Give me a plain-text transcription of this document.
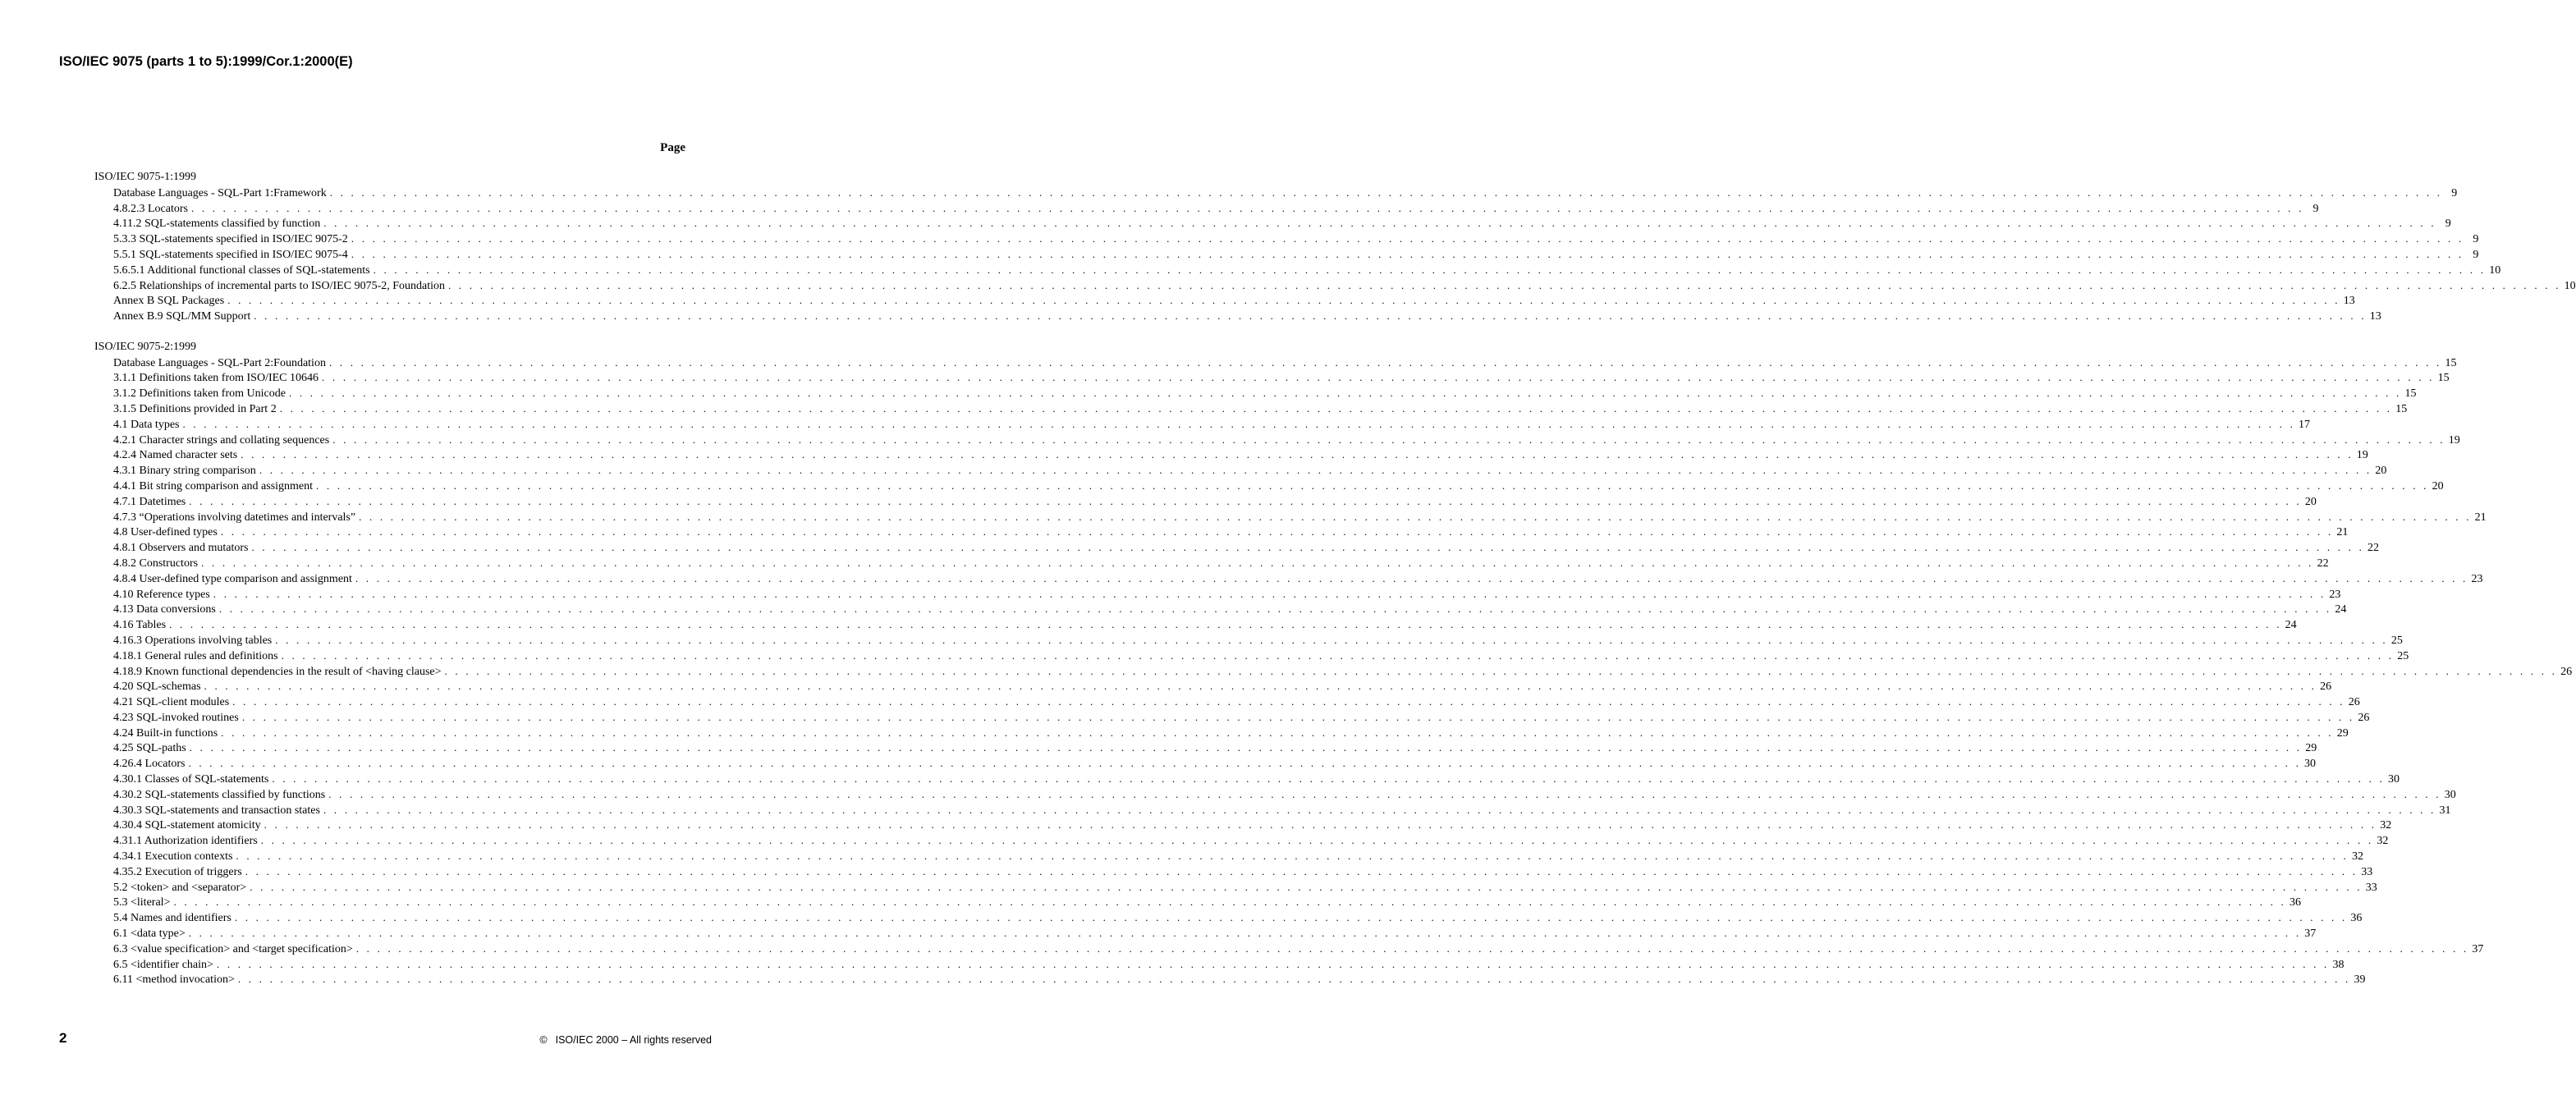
ISO/IEC 9075 (parts 1 to 5):1999/Cor.1:2000(E)
Page
ISO/IEC 9075-1:1999
Database Languages - SQL-Part 1:Framework . . . . . . . . . . . . . . . . . . . . . . . . . . . . . . . . . . . . . . . . . . . . . . . . . . . . . . . . . . . . . . . . . . . . . . . . . . . . . . . . . . . . . . . . . . . . . . . . . . . . . . . . . . . . . . . . . . . . . . . . . . . . . . . . . . . . . . . . . . . . . . . . . . . . . . . . . . . . . . . . . . . . . . . . . . . . . . . . . . . . . . . . . . . . . . . . . . . . . . . . 9
4.8.2.3 Locators . . . . . . . . . . . . . . . . . . . . . . . . . . . . . . . . . . . . . . . . . . . . . . . . . . . . . . . . . . . . . . . . . . . . . . . . . . . . . . . . . . . . . . . . . . . . . . . . . . . . . . . . . . . . . . . . . . . . . . . . . . . . . . . . . . . . . . . . . . . . . . . . . . . . . . . . . . . . . . . . . . . . . . . . . . . . . . . . . . . . . . . . . . . . . . . . . . . . . . . . 9
4.11.2 SQL-statements classified by function . . . . . . . . . . . . . . . . . . . . . . . . . . . . . . . . . . . . . . . . . . . . . . . . . . . . . . . . . . . . . . . . . . . . . . . . . . . . . . . . . . . . . . . . . . . . . . . . . . . . . . . . . . . . . . . . . . . . . . . . . . . . . . . . . . . . . . . . . . . . . . . . . . . . . . . . . . . . . . . . . . . . . . . . . . . . . . . . . . . . . . . . . . . . . . . . . . . . . . . . 9
5.3.3 SQL-statements specified in ISO/IEC 9075-2 . . . . . . . . . . . . . . . . . . . . . . . . . . . . . . . . . . . . . . . . . . . . . . . . . . . . . . . . . . . . . . . . . . . . . . . . . . . . . . . . . . . . . . . . . . . . . . . . . . . . . . . . . . . . . . . . . . . . . . . . . . . . . . . . . . . . . . . . . . . . . . . . . . . . . . . . . . . . . . . . . . . . . . . . . . . . . . . . . . . . . . . . . . . . . . . . . . . . . . . . 9
5.5.1 SQL-statements specified in ISO/IEC 9075-4 . . . . . . . . . . . . . . . . . . . . . . . . . . . . . . . . . . . . . . . . . . . . . . . . . . . . . . . . . . . . . . . . . . . . . . . . . . . . . . . . . . . . . . . . . . . . . . . . . . . . . . . . . . . . . . . . . . . . . . . . . . . . . . . . . . . . . . . . . . . . . . . . . . . . . . . . . . . . . . . . . . . . . . . . . . . . . . . . . . . . . . . . . . . . . . . . . . . . . . . . 9
5.6.5.1 Additional functional classes of SQL-statements . . . . . . . . . . . . . . . . . . . . . . . . . . . . . . . . . . . . . . . . . . . . . . . . . . . . . . . . . . . . . . . . . . . . . . . . . . . . . . . . . . . . . . . . . . . . . . . . . . . . . . . . . . . . . . . . . . . . . . . . . . . . . . . . . . . . . . . . . . . . . . . . . . . . . . . . . . . . . . . . . . . . . . . . . . . . . . . . . . . . . . . . . . . . . . . . . . . . . . . . 10
6.2.5 Relationships of incremental parts to ISO/IEC 9075-2, Foundation . . . . . . . . . . . . . . . . . . . . . . . . . . . . . . . . . . . . . . . . . . . . . . . . . . . . . . . . . . . . . . . . . . . . . . . . . . . . . . . . . . . . . . . . . . . . . . . . . . . . . . . . . . . . . . . . . . . . . . . . . . . . . . . . . . . . . . . . . . . . . . . . . . . . . . . . . . . . . . . . . . . . . . . . . . . . . . . . . . . . . . . . . . . . . . . . . . . . . . . . 10
Annex B SQL Packages . . . . . . . . . . . . . . . . . . . . . . . . . . . . . . . . . . . . . . . . . . . . . . . . . . . . . . . . . . . . . . . . . . . . . . . . . . . . . . . . . . . . . . . . . . . . . . . . . . . . . . . . . . . . . . . . . . . . . . . . . . . . . . . . . . . . . . . . . . . . . . . . . . . . . . . . . . . . . . . . . . . . . . . . . . . . . . . . . . . . . . . . . . . . . . . . . . . . . . . . 13
Annex B.9 SQL/MM Support . . . . . . . . . . . . . . . . . . . . . . . . . . . . . . . . . . . . . . . . . . . . . . . . . . . . . . . . . . . . . . . . . . . . . . . . . . . . . . . . . . . . . . . . . . . . . . . . . . . . . . . . . . . . . . . . . . . . . . . . . . . . . . . . . . . . . . . . . . . . . . . . . . . . . . . . . . . . . . . . . . . . . . . . . . . . . . . . . . . . . . . . . . . . . . . . . . . . . . . . 13
ISO/IEC 9075-2:1999
Database Languages - SQL-Part 2:Foundation . . . . . . . . . . . . . . . . . . . . . . . . . . . . . . . . . . . . . . . . . . . . . . . . . . . . . . . . . . . . . . . . . . . . . . . . . . . . . . . . . . . . . . . . . . . . . . . . . . . . . . . . . . . . . . . . . . . . . . . . . . . . . . . . . . . . . . . . . . . . . . . . . . . . . . . . . . . . . . . . . . . . . . . . . . . . . . . . . . . . . . . . . . . . . . . . . . . . . . . . 15
3.1.1 Definitions taken from ISO/IEC 10646 . . . . . . . . . . . . . . . . . . . . . . . . . . . . . . . . . . . . . . . . . . . . . . . . . . . . . . . . . . . . . . . . . . . . . . . . . . . . . . . . . . . . . . . . . . . . . . . . . . . . . . . . . . . . . . . . . . . . . . . . . . . . . . . . . . . . . . . . . . . . . . . . . . . . . . . . . . . . . . . . . . . . . . . . . . . . . . . . . . . . . . . . . . . . . . . . . . . . . . . . 15
3.1.2 Definitions taken from Unicode . . . . . . . . . . . . . . . . . . . . . . . . . . . . . . . . . . . . . . . . . . . . . . . . . . . . . . . . . . . . . . . . . . . . . . . . . . . . . . . . . . . . . . . . . . . . . . . . . . . . . . . . . . . . . . . . . . . . . . . . . . . . . . . . . . . . . . . . . . . . . . . . . . . . . . . . . . . . . . . . . . . . . . . . . . . . . . . . . . . . . . . . . . . . . . . . . . . . . . . . 15
3.1.5 Definitions provided in Part 2 . . . . . . . . . . . . . . . . . . . . . . . . . . . . . . . . . . . . . . . . . . . . . . . . . . . . . . . . . . . . . . . . . . . . . . . . . . . . . . . . . . . . . . . . . . . . . . . . . . . . . . . . . . . . . . . . . . . . . . . . . . . . . . . . . . . . . . . . . . . . . . . . . . . . . . . . . . . . . . . . . . . . . . . . . . . . . . . . . . . . . . . . . . . . . . . . . . . . . . . . 15
4.1 Data types . . . . . . . . . . . . . . . . . . . . . . . . . . . . . . . . . . . . . . . . . . . . . . . . . . . . . . . . . . . . . . . . . . . . . . . . . . . . . . . . . . . . . . . . . . . . . . . . . . . . . . . . . . . . . . . . . . . . . . . . . . . . . . . . . . . . . . . . . . . . . . . . . . . . . . . . . . . . . . . . . . . . . . . . . . . . . . . . . . . . . . . . . . . . . . . . . . . . . . . . 17
4.2.1 Character strings and collating sequences . . . . . . . . . . . . . . . . . . . . . . . . . . . . . . . . . . . . . . . . . . . . . . . . . . . . . . . . . . . . . . . . . . . . . . . . . . . . . . . . . . . . . . . . . . . . . . . . . . . . . . . . . . . . . . . . . . . . . . . . . . . . . . . . . . . . . . . . . . . . . . . . . . . . . . . . . . . . . . . . . . . . . . . . . . . . . . . . . . . . . . . . . . . . . . . . . . . . . . . . 19
4.2.4 Named character sets . . . . . . . . . . . . . . . . . . . . . . . . . . . . . . . . . . . . . . . . . . . . . . . . . . . . . . . . . . . . . . . . . . . . . . . . . . . . . . . . . . . . . . . . . . . . . . . . . . . . . . . . . . . . . . . . . . . . . . . . . . . . . . . . . . . . . . . . . . . . . . . . . . . . . . . . . . . . . . . . . . . . . . . . . . . . . . . . . . . . . . . . . . . . . . . . . . . . . . . . 19
4.3.1 Binary string comparison . . . . . . . . . . . . . . . . . . . . . . . . . . . . . . . . . . . . . . . . . . . . . . . . . . . . . . . . . . . . . . . . . . . . . . . . . . . . . . . . . . . . . . . . . . . . . . . . . . . . . . . . . . . . . . . . . . . . . . . . . . . . . . . . . . . . . . . . . . . . . . . . . . . . . . . . . . . . . . . . . . . . . . . . . . . . . . . . . . . . . . . . . . . . . . . . . . . . . . . . 20
4.4.1 Bit string comparison and assignment . . . . . . . . . . . . . . . . . . . . . . . . . . . . . . . . . . . . . . . . . . . . . . . . . . . . . . . . . . . . . . . . . . . . . . . . . . . . . . . . . . . . . . . . . . . . . . . . . . . . . . . . . . . . . . . . . . . . . . . . . . . . . . . . . . . . . . . . . . . . . . . . . . . . . . . . . . . . . . . . . . . . . . . . . . . . . . . . . . . . . . . . . . . . . . . . . . . . . . . . 20
4.7.1 Datetimes . . . . . . . . . . . . . . . . . . . . . . . . . . . . . . . . . . . . . . . . . . . . . . . . . . . . . . . . . . . . . . . . . . . . . . . . . . . . . . . . . . . . . . . . . . . . . . . . . . . . . . . . . . . . . . . . . . . . . . . . . . . . . . . . . . . . . . . . . . . . . . . . . . . . . . . . . . . . . . . . . . . . . . . . . . . . . . . . . . . . . . . . . . . . . . . . . . . . . . . . 20
4.7.3 “Operations involving datetimes and intervals” . . . . . . . . . . . . . . . . . . . . . . . . . . . . . . . . . . . . . . . . . . . . . . . . . . . . . . . . . . . . . . . . . . . . . . . . . . . . . . . . . . . . . . . . . . . . . . . . . . . . . . . . . . . . . . . . . . . . . . . . . . . . . . . . . . . . . . . . . . . . . . . . . . . . . . . . . . . . . . . . . . . . . . . . . . . . . . . . . . . . . . . . . . . . . . . . . . . . . . . . 21
4.8 User-defined types . . . . . . . . . . . . . . . . . . . . . . . . . . . . . . . . . . . . . . . . . . . . . . . . . . . . . . . . . . . . . . . . . . . . . . . . . . . . . . . . . . . . . . . . . . . . . . . . . . . . . . . . . . . . . . . . . . . . . . . . . . . . . . . . . . . . . . . . . . . . . . . . . . . . . . . . . . . . . . . . . . . . . . . . . . . . . . . . . . . . . . . . . . . . . . . . . . . . . . . . 21
4.8.1 Observers and mutators . . . . . . . . . . . . . . . . . . . . . . . . . . . . . . . . . . . . . . . . . . . . . . . . . . . . . . . . . . . . . . . . . . . . . . . . . . . . . . . . . . . . . . . . . . . . . . . . . . . . . . . . . . . . . . . . . . . . . . . . . . . . . . . . . . . . . . . . . . . . . . . . . . . . . . . . . . . . . . . . . . . . . . . . . . . . . . . . . . . . . . . . . . . . . . . . . . . . . . . . 22
4.8.2 Constructors . . . . . . . . . . . . . . . . . . . . . . . . . . . . . . . . . . . . . . . . . . . . . . . . . . . . . . . . . . . . . . . . . . . . . . . . . . . . . . . . . . . . . . . . . . . . . . . . . . . . . . . . . . . . . . . . . . . . . . . . . . . . . . . . . . . . . . . . . . . . . . . . . . . . . . . . . . . . . . . . . . . . . . . . . . . . . . . . . . . . . . . . . . . . . . . . . . . . . . . . 22
4.8.4 User-defined type comparison and assignment . . . . . . . . . . . . . . . . . . . . . . . . . . . . . . . . . . . . . . . . . . . . . . . . . . . . . . . . . . . . . . . . . . . . . . . . . . . . . . . . . . . . . . . . . . . . . . . . . . . . . . . . . . . . . . . . . . . . . . . . . . . . . . . . . . . . . . . . . . . . . . . . . . . . . . . . . . . . . . . . . . . . . . . . . . . . . . . . . . . . . . . . . . . . . . . . . . . . . . . . 23
4.10 Reference types . . . . . . . . . . . . . . . . . . . . . . . . . . . . . . . . . . . . . . . . . . . . . . . . . . . . . . . . . . . . . . . . . . . . . . . . . . . . . . . . . . . . . . . . . . . . . . . . . . . . . . . . . . . . . . . . . . . . . . . . . . . . . . . . . . . . . . . . . . . . . . . . . . . . . . . . . . . . . . . . . . . . . . . . . . . . . . . . . . . . . . . . . . . . . . . . . . . . . . . . 23
4.13 Data conversions . . . . . . . . . . . . . . . . . . . . . . . . . . . . . . . . . . . . . . . . . . . . . . . . . . . . . . . . . . . . . . . . . . . . . . . . . . . . . . . . . . . . . . . . . . . . . . . . . . . . . . . . . . . . . . . . . . . . . . . . . . . . . . . . . . . . . . . . . . . . . . . . . . . . . . . . . . . . . . . . . . . . . . . . . . . . . . . . . . . . . . . . . . . . . . . . . . . . . . . . 24
4.16 Tables . . . . . . . . . . . . . . . . . . . . . . . . . . . . . . . . . . . . . . . . . . . . . . . . . . . . . . . . . . . . . . . . . . . . . . . . . . . . . . . . . . . . . . . . . . . . . . . . . . . . . . . . . . . . . . . . . . . . . . . . . . . . . . . . . . . . . . . . . . . . . . . . . . . . . . . . . . . . . . . . . . . . . . . . . . . . . . . . . . . . . . . . . . . . . . . . . . . . . . . . 24
4.16.3 Operations involving tables . . . . . . . . . . . . . . . . . . . . . . . . . . . . . . . . . . . . . . . . . . . . . . . . . . . . . . . . . . . . . . . . . . . . . . . . . . . . . . . . . . . . . . . . . . . . . . . . . . . . . . . . . . . . . . . . . . . . . . . . . . . . . . . . . . . . . . . . . . . . . . . . . . . . . . . . . . . . . . . . . . . . . . . . . . . . . . . . . . . . . . . . . . . . . . . . . . . . . . . . 25
4.18.1 General rules and definitions . . . . . . . . . . . . . . . . . . . . . . . . . . . . . . . . . . . . . . . . . . . . . . . . . . . . . . . . . . . . . . . . . . . . . . . . . . . . . . . . . . . . . . . . . . . . . . . . . . . . . . . . . . . . . . . . . . . . . . . . . . . . . . . . . . . . . . . . . . . . . . . . . . . . . . . . . . . . . . . . . . . . . . . . . . . . . . . . . . . . . . . . . . . . . . . . . . . . . . . . 25
4.18.9 Known functional dependencies in the result of <having clause> . . . . . . . . . . . . . . . . . . . . . . . . . . . . . . . . . . . . . . . . . . . . . . . . . . . . . . . . . . . . . . . . . . . . . . . . . . . . . . . . . . . . . . . . . . . . . . . . . . . . . . . . . . . . . . . . . . . . . . . . . . . . . . . . . . . . . . . . . . . . . . . . . . . . . . . . . . . . . . . . . . . . . . . . . . . . . . . . . . . . . . . . . . . . . . . . . . . . . . . . 26
4.20 SQL-schemas . . . . . . . . . . . . . . . . . . . . . . . . . . . . . . . . . . . . . . . . . . . . . . . . . . . . . . . . . . . . . . . . . . . . . . . . . . . . . . . . . . . . . . . . . . . . . . . . . . . . . . . . . . . . . . . . . . . . . . . . . . . . . . . . . . . . . . . . . . . . . . . . . . . . . . . . . . . . . . . . . . . . . . . . . . . . . . . . . . . . . . . . . . . . . . . . . . . . . . . . 26
4.21 SQL-client modules . . . . . . . . . . . . . . . . . . . . . . . . . . . . . . . . . . . . . . . . . . . . . . . . . . . . . . . . . . . . . . . . . . . . . . . . . . . . . . . . . . . . . . . . . . . . . . . . . . . . . . . . . . . . . . . . . . . . . . . . . . . . . . . . . . . . . . . . . . . . . . . . . . . . . . . . . . . . . . . . . . . . . . . . . . . . . . . . . . . . . . . . . . . . . . . . . . . . . . . . 26
4.23 SQL-invoked routines . . . . . . . . . . . . . . . . . . . . . . . . . . . . . . . . . . . . . . . . . . . . . . . . . . . . . . . . . . . . . . . . . . . . . . . . . . . . . . . . . . . . . . . . . . . . . . . . . . . . . . . . . . . . . . . . . . . . . . . . . . . . . . . . . . . . . . . . . . . . . . . . . . . . . . . . . . . . . . . . . . . . . . . . . . . . . . . . . . . . . . . . . . . . . . . . . . . . . . . . 26
4.24 Built-in functions . . . . . . . . . . . . . . . . . . . . . . . . . . . . . . . . . . . . . . . . . . . . . . . . . . . . . . . . . . . . . . . . . . . . . . . . . . . . . . . . . . . . . . . . . . . . . . . . . . . . . . . . . . . . . . . . . . . . . . . . . . . . . . . . . . . . . . . . . . . . . . . . . . . . . . . . . . . . . . . . . . . . . . . . . . . . . . . . . . . . . . . . . . . . . . . . . . . . . . . . 29
4.25 SQL-paths . . . . . . . . . . . . . . . . . . . . . . . . . . . . . . . . . . . . . . . . . . . . . . . . . . . . . . . . . . . . . . . . . . . . . . . . . . . . . . . . . . . . . . . . . . . . . . . . . . . . . . . . . . . . . . . . . . . . . . . . . . . . . . . . . . . . . . . . . . . . . . . . . . . . . . . . . . . . . . . . . . . . . . . . . . . . . . . . . . . . . . . . . . . . . . . . . . . . . . . . 29
4.26.4 Locators . . . . . . . . . . . . . . . . . . . . . . . . . . . . . . . . . . . . . . . . . . . . . . . . . . . . . . . . . . . . . . . . . . . . . . . . . . . . . . . . . . . . . . . . . . . . . . . . . . . . . . . . . . . . . . . . . . . . . . . . . . . . . . . . . . . . . . . . . . . . . . . . . . . . . . . . . . . . . . . . . . . . . . . . . . . . . . . . . . . . . . . . . . . . . . . . . . . . . . . . 30
4.30.1 Classes of SQL-statements . . . . . . . . . . . . . . . . . . . . . . . . . . . . . . . . . . . . . . . . . . . . . . . . . . . . . . . . . . . . . . . . . . . . . . . . . . . . . . . . . . . . . . . . . . . . . . . . . . . . . . . . . . . . . . . . . . . . . . . . . . . . . . . . . . . . . . . . . . . . . . . . . . . . . . . . . . . . . . . . . . . . . . . . . . . . . . . . . . . . . . . . . . . . . . . . . . . . . . . . 30
4.30.2 SQL-statements classified by functions . . . . . . . . . . . . . . . . . . . . . . . . . . . . . . . . . . . . . . . . . . . . . . . . . . . . . . . . . . . . . . . . . . . . . . . . . . . . . . . . . . . . . . . . . . . . . . . . . . . . . . . . . . . . . . . . . . . . . . . . . . . . . . . . . . . . . . . . . . . . . . . . . . . . . . . . . . . . . . . . . . . . . . . . . . . . . . . . . . . . . . . . . . . . . . . . . . . . . . . . 30
4.30.3 SQL-statements and transaction states . . . . . . . . . . . . . . . . . . . . . . . . . . . . . . . . . . . . . . . . . . . . . . . . . . . . . . . . . . . . . . . . . . . . . . . . . . . . . . . . . . . . . . . . . . . . . . . . . . . . . . . . . . . . . . . . . . . . . . . . . . . . . . . . . . . . . . . . . . . . . . . . . . . . . . . . . . . . . . . . . . . . . . . . . . . . . . . . . . . . . . . . . . . . . . . . . . . . . . . . 31
4.30.4 SQL-statement atomicity . . . . . . . . . . . . . . . . . . . . . . . . . . . . . . . . . . . . . . . . . . . . . . . . . . . . . . . . . . . . . . . . . . . . . . . . . . . . . . . . . . . . . . . . . . . . . . . . . . . . . . . . . . . . . . . . . . . . . . . . . . . . . . . . . . . . . . . . . . . . . . . . . . . . . . . . . . . . . . . . . . . . . . . . . . . . . . . . . . . . . . . . . . . . . . . . . . . . . . . . 32
4.31.1 Authorization identifiers . . . . . . . . . . . . . . . . . . . . . . . . . . . . . . . . . . . . . . . . . . . . . . . . . . . . . . . . . . . . . . . . . . . . . . . . . . . . . . . . . . . . . . . . . . . . . . . . . . . . . . . . . . . . . . . . . . . . . . . . . . . . . . . . . . . . . . . . . . . . . . . . . . . . . . . . . . . . . . . . . . . . . . . . . . . . . . . . . . . . . . . . . . . . . . . . . . . . . . . . 32
4.34.1 Execution contexts . . . . . . . . . . . . . . . . . . . . . . . . . . . . . . . . . . . . . . . . . . . . . . . . . . . . . . . . . . . . . . . . . . . . . . . . . . . . . . . . . . . . . . . . . . . . . . . . . . . . . . . . . . . . . . . . . . . . . . . . . . . . . . . . . . . . . . . . . . . . . . . . . . . . . . . . . . . . . . . . . . . . . . . . . . . . . . . . . . . . . . . . . . . . . . . . . . . . . . . . 32
4.35.2 Execution of triggers . . . . . . . . . . . . . . . . . . . . . . . . . . . . . . . . . . . . . . . . . . . . . . . . . . . . . . . . . . . . . . . . . . . . . . . . . . . . . . . . . . . . . . . . . . . . . . . . . . . . . . . . . . . . . . . . . . . . . . . . . . . . . . . . . . . . . . . . . . . . . . . . . . . . . . . . . . . . . . . . . . . . . . . . . . . . . . . . . . . . . . . . . . . . . . . . . . . . . . . . 33
5.2 <token> and <separator> . . . . . . . . . . . . . . . . . . . . . . . . . . . . . . . . . . . . . . . . . . . . . . . . . . . . . . . . . . . . . . . . . . . . . . . . . . . . . . . . . . . . . . . . . . . . . . . . . . . . . . . . . . . . . . . . . . . . . . . . . . . . . . . . . . . . . . . . . . . . . . . . . . . . . . . . . . . . . . . . . . . . . . . . . . . . . . . . . . . . . . . . . . . . . . . . . . . . . . . . 33
5.3 <literal> . . . . . . . . . . . . . . . . . . . . . . . . . . . . . . . . . . . . . . . . . . . . . . . . . . . . . . . . . . . . . . . . . . . . . . . . . . . . . . . . . . . . . . . . . . . . . . . . . . . . . . . . . . . . . . . . . . . . . . . . . . . . . . . . . . . . . . . . . . . . . . . . . . . . . . . . . . . . . . . . . . . . . . . . . . . . . . . . . . . . . . . . . . . . . . . . . . . . . . . . 36
5.4 Names and identifiers . . . . . . . . . . . . . . . . . . . . . . . . . . . . . . . . . . . . . . . . . . . . . . . . . . . . . . . . . . . . . . . . . . . . . . . . . . . . . . . . . . . . . . . . . . . . . . . . . . . . . . . . . . . . . . . . . . . . . . . . . . . . . . . . . . . . . . . . . . . . . . . . . . . . . . . . . . . . . . . . . . . . . . . . . . . . . . . . . . . . . . . . . . . . . . . . . . . . . . . . 36
6.1 <data type> . . . . . . . . . . . . . . . . . . . . . . . . . . . . . . . . . . . . . . . . . . . . . . . . . . . . . . . . . . . . . . . . . . . . . . . . . . . . . . . . . . . . . . . . . . . . . . . . . . . . . . . . . . . . . . . . . . . . . . . . . . . . . . . . . . . . . . . . . . . . . . . . . . . . . . . . . . . . . . . . . . . . . . . . . . . . . . . . . . . . . . . . . . . . . . . . . . . . . . . . 37
6.3 <value specification> and <target specification> . . . . . . . . . . . . . . . . . . . . . . . . . . . . . . . . . . . . . . . . . . . . . . . . . . . . . . . . . . . . . . . . . . . . . . . . . . . . . . . . . . . . . . . . . . . . . . . . . . . . . . . . . . . . . . . . . . . . . . . . . . . . . . . . . . . . . . . . . . . . . . . . . . . . . . . . . . . . . . . . . . . . . . . . . . . . . . . . . . . . . . . . . . . . . . . . . . . . . . . . 37
6.5 <identifier chain> . . . . . . . . . . . . . . . . . . . . . . . . . . . . . . . . . . . . . . . . . . . . . . . . . . . . . . . . . . . . . . . . . . . . . . . . . . . . . . . . . . . . . . . . . . . . . . . . . . . . . . . . . . . . . . . . . . . . . . . . . . . . . . . . . . . . . . . . . . . . . . . . . . . . . . . . . . . . . . . . . . . . . . . . . . . . . . . . . . . . . . . . . . . . . . . . . . . . . . . . 38
6.11 <method invocation> . . . . . . . . . . . . . . . . . . . . . . . . . . . . . . . . . . . . . . . . . . . . . . . . . . . . . . . . . . . . . . . . . . . . . . . . . . . . . . . . . . . . . . . . . . . . . . . . . . . . . . . . . . . . . . . . . . . . . . . . . . . . . . . . . . . . . . . . . . . . . . . . . . . . . . . . . . . . . . . . . . . . . . . . . . . . . . . . . . . . . . . . . . . . . . . . . . . . . . . . 39
2	© ISO/IEC 2000 – All rights reserved
